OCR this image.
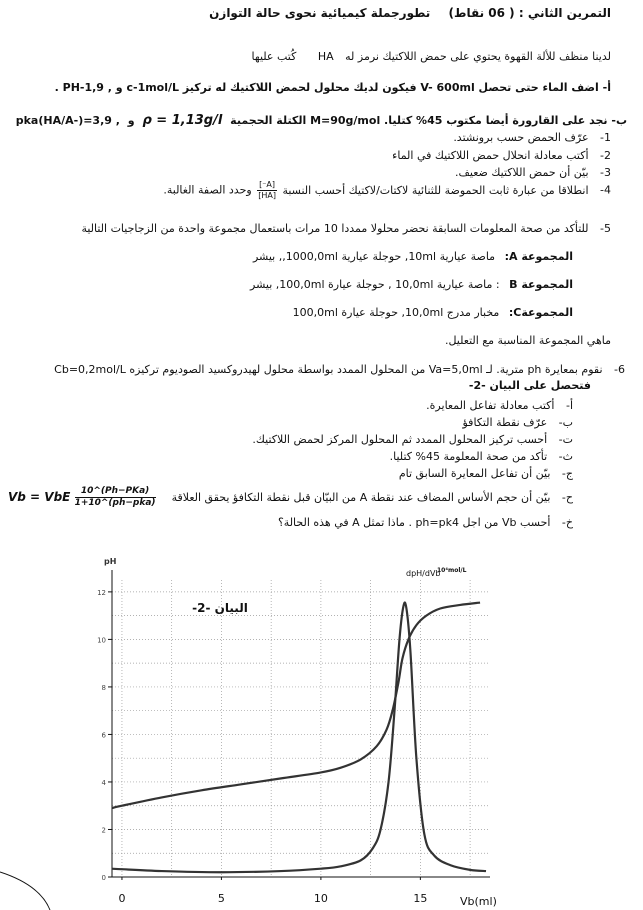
التمرين الثاني : ( 06 نقاط) تطورجملة كيميائية نحوى حالة التوازن
لدينا منظف للألة القهوة يحتوي على حمض اللاكتيك نرمز له HA كُتب عليها
أ- اضف الماء حتى تحصل V- 600ml فيكون لديك محلول لحمض اللاكتيك له تركيز c-1mol/L و , PH-1,9 .
ب- نجد على القارورة أيضا مكتوب 45% كتليا. M=90g/mol الكتلة الحجمية ρ = 1,13g/l و pka(HA/A-)=3,9 ,
1- عرّف الحمض حسب برونشتد.
2- أكتب معادلة انحلال حمض اللاكتيك في الماء
3- بيّن أن حمض اللاكتيك ضعيف.
4- انطلاقا من عبارة ثابت الحموضة للثنائية لاكتات/لاكتيك أحسب النسبة
$\frac{[A^-]}{[HA]}$
وحدد الصفة الغالبة.
5- للتأكد من صحة المعلومات السابقة نحضر محلولا ممددا 10 مرات باستعمال مجموعة واحدة من الزجاجيات التالية
المجموعة A: ماصة عيارية 10ml, حوجلة عيارية 1000,0ml,, بيشر
المجموعة B : ماصة عيارية 10,0ml , حوجلة عيارة 100,0ml, بيشر
المجموعةC: مخبار مدرج 10,0ml, حوجلة عيارة 100,0ml
ماهي المجموعة المناسبة مع التعليل.
6- نقوم بمعايرة ph مترية. لـ Va=5,0ml من المحلول الممدد بواسطة محلول لهيدروكسيد الصوديوم تركيزه Cb=0,2mol/L
فتحصل على البيان -2-
أ- أكتب معادلة تفاعل المعايرة.
ب- عرّف نقطة التكافؤ
ت- أحسب تركيز المحلول الممدد ثم المحلول المركز لحمض اللاكتيك.
ث- تأكد من صحة المعلومة 45% كتليا.
ج- بيّن أن تفاعل المعايرة السابق تام
ح- بيّن أن حجم الأساس المضاف عند نقطة A من البيّان قبل نقطة التكافؤ يحقق العلاقة
خ- أحسب Vb من اجل ph=pk4 . ماذا تمثل A في هذه الحالة؟
Vb = VbE	10^(Ph−PKa)
1+10^(ph−pka)
0
2
4
6
8
10
12
0	5	10	15
pH
Vb(ml)
البيان -2-
dpH/dVb
10⁴mol/L
